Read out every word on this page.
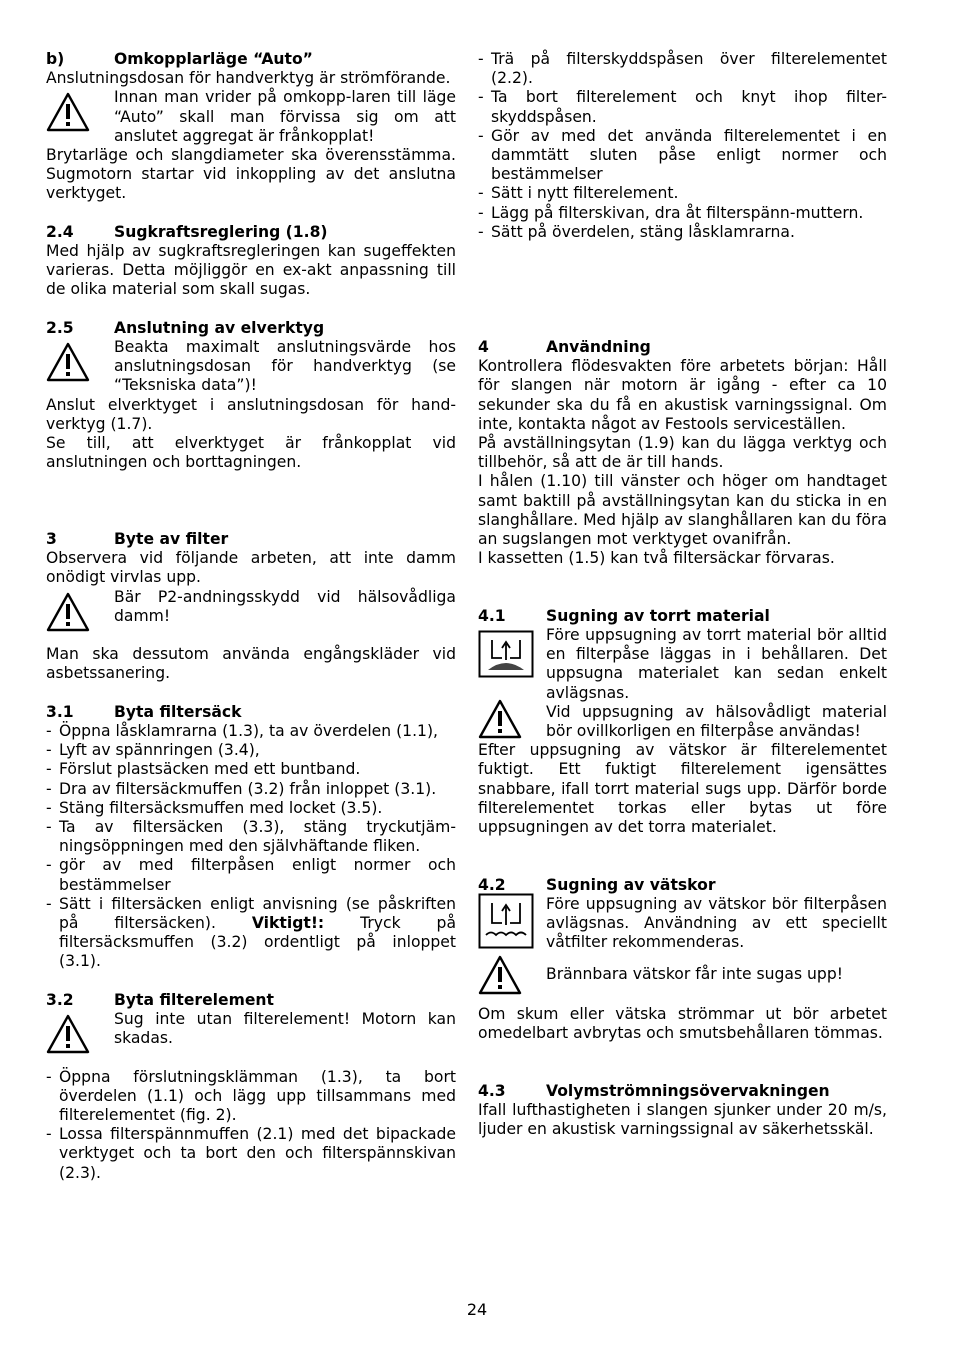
b)	Omkopplarläge “Auto”

Anslutningsdosan för handverktyg är strömförande.

Innan man vrider på omkopp-laren till läge “Auto” skall man förvissa sig om att anslutet aggregat är frånkopplat!

Brytarläge och slangdiameter ska överensstämma. Sugmotorn startar vid inkoppling av det anslutna verktyget.

2.4	Sugkraftsreglering (1.8)

Med hjälp av sugkraftsregleringen kan sugeffekten varieras. Detta möjliggör en ex-akt anpassning till de olika material som skall sugas.

2.5	Anslutning av elverktyg
Beakta maximalt anslutningsvärde hos anslutningsdosan för handverktyg (se “Teksniska data”)!

Anslut elverktyget i anslutningsdosan för hand-verktyg (1.7).

Se till, att elverktyget är frånkopplat vid anslutningen och borttagningen.

3	Byte av filter

Observera vid följande arbeten, att inte damm onödigt virvlas upp.

Bär P2-andningsskydd vid hälsovådliga damm!

Man ska dessutom använda engångskläder vid asbetssanering.

3.1	Byta filtersäck
- Öppna låsklamrarna (1.3), ta av överdelen (1.1),
- Lyft av spännringen (3.4),
- Förslut plastsäcken med ett buntband.
- Dra av filtersäckmuffen (3.2) från inloppet (3.1).
- Stäng filtersäcksmuffen med locket (3.5).
- Ta av filtersäcken (3.3), stäng tryckutjäm-ningsöppningen med den självhäftande fliken.
- gör av med filterpåsen enligt normer och bestämmelser
- Sätt i filtersäcken enligt anvisning (se påskriften på filtersäcken). Viktigt!: Tryck på filtersäcksmuffen (3.2) ordentligt på inloppet (3.1).
3.2	Byta filterelement
Sug inte utan filterelement! Motorn kan skadas.
- Öppna förslutningsklämman (1.3), ta bort överdelen (1.1) och lägg upp tillsammans med filterelementet (fig. 2).
- Lossa filterspännmuffen (2.1) med det bipackade verktyget och ta bort den och filterspännskivan (2.3).
- Trä på filterskyddspåsen över filterelementet (2.2).
- Ta bort filterelement och knyt ihop filter-skyddspåsen.
- Gör av med det använda filterelementet i en dammtätt sluten påse enligt normer och bestämmelser
- Sätt i nytt filterelement.
- Lägg på filterskivan, dra åt filterspänn-muttern.
- Sätt på överdelen, stäng låsklamrarna.
4	Användning

Kontrollera flödesvakten före arbetets början: Håll för slangen när motorn är igång - efter ca 10 sekunder ska du få en akustisk varningssignal. Om inte, kontakta något av Festools serviceställen.

På avställningsytan (1.9) kan du lägga verktyg och tillbehör, så att de är till hands.

I hålen (1.10) till vänster och höger om handtaget samt baktill på avställningsytan kan du sticka in en slanghållare. Med hjälp av slanghållaren kan du föra an sugslangen mot verktyget ovanifrån.

I kassetten (1.5) kan två filtersäckar förvaras.

4.1	Sugning av torrt material
Före uppsugning av torrt material bör alltid en filterpåse läggas in i behållaren. Det uppsugna materialet kan sedan enkelt avlägsnas.
Vid uppsugning av hälsovådligt material bör ovillkorligen en filterpåse användas!

Efter uppsugning av vätskor är filterelementet fuktigt. Ett fuktigt filterelement igensättes snabbare, ifall torrt material sugs upp. Därför borde filterelementet torkas eller bytas ut före uppsugningen av det torra materialet.

4.2	Sugning av vätskor
Före uppsugning av vätskor bör filterpåsen avlägsnas. Användning av ett speciellt våtfilter rekommenderas.
Brännbara vätskor får inte sugas upp!

Om skum eller vätska strömmar ut bör arbetet omedelbart avbrytas och smutsbehållaren tömmas.

4.3	Volymströmningsövervakningen

Ifall lufthastigheten i slangen sjunker under 20 m/s, ljuder en akustisk varningssignal av säkerhetsskäl.

24
